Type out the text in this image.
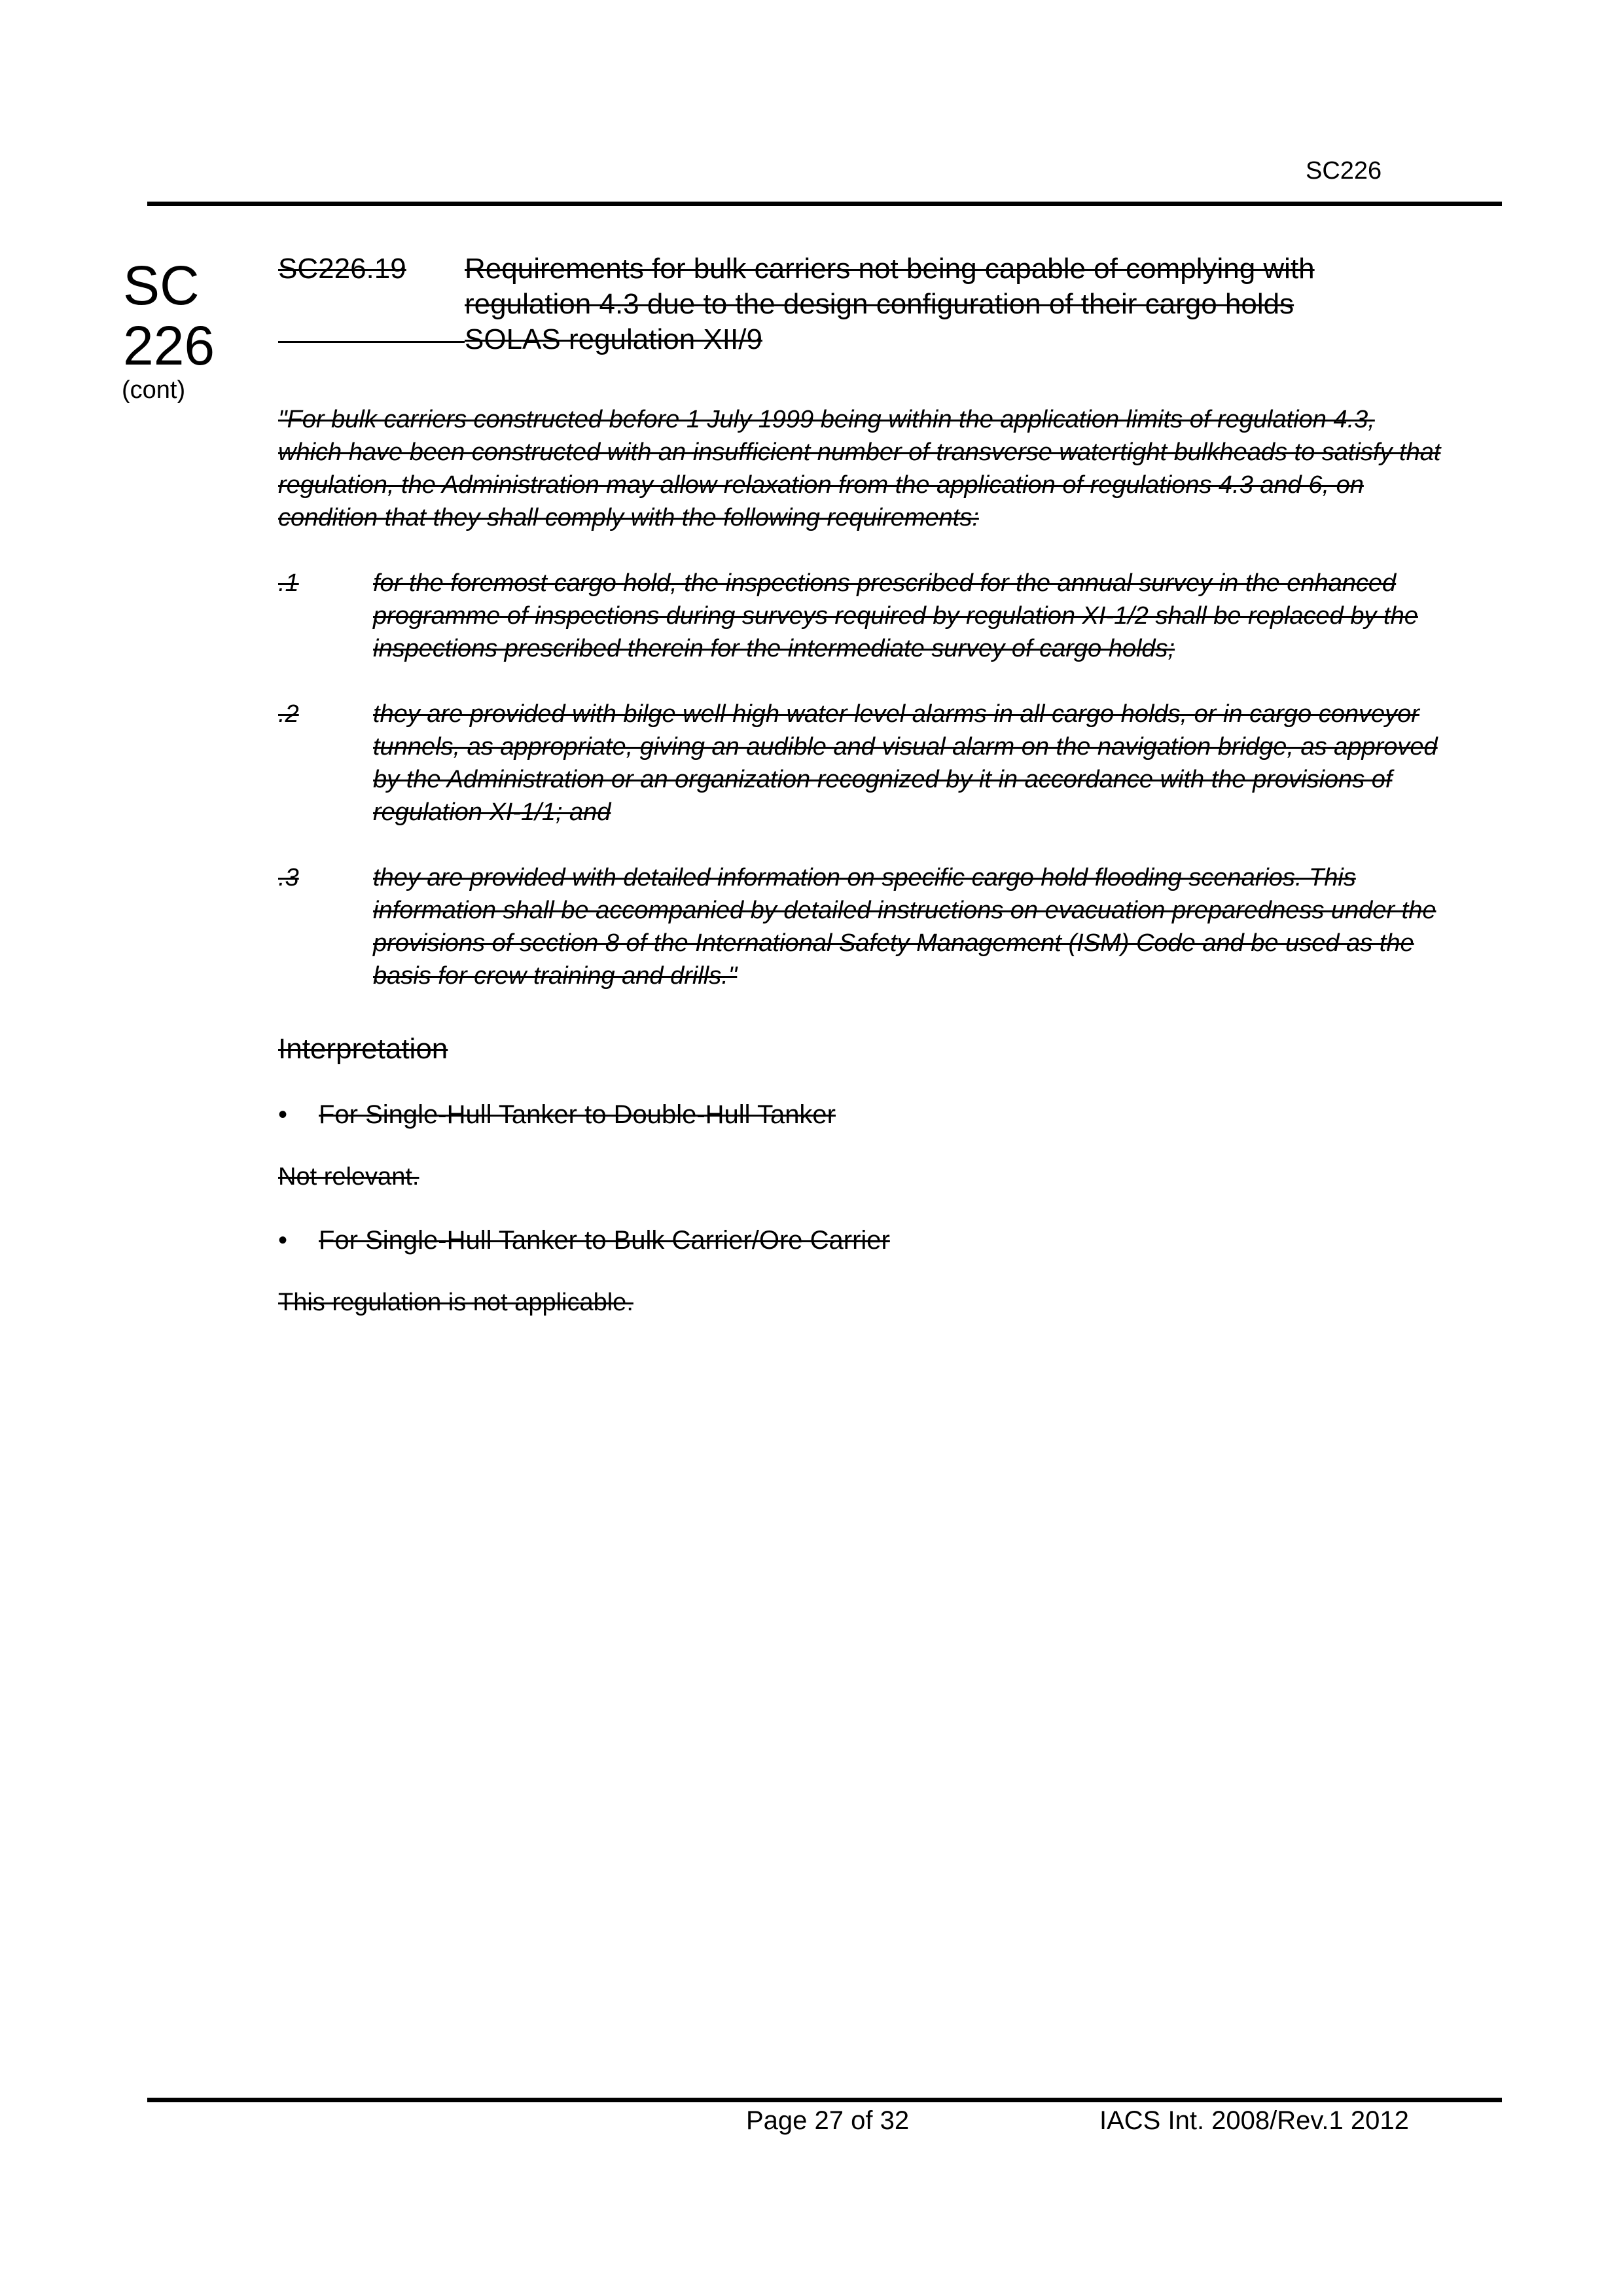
SC226
SC
226
(cont)
SC226.19 Requirements for bulk carriers not being capable of complying with regulation 4.3 due to the design configuration of their cargo holds
SOLAS regulation XII/9
"For bulk carriers constructed before 1 July 1999 being within the application limits of regulation 4.3, which have been constructed with an insufficient number of transverse watertight bulkheads to satisfy that regulation, the Administration may allow relaxation from the application of regulations 4.3 and 6, on condition that they shall comply with the following requirements:
.1	for the foremost cargo hold, the inspections prescribed for the annual survey in the enhanced programme of inspections during surveys required by regulation XI-1/2 shall be replaced by the inspections prescribed therein for the intermediate survey of cargo holds;
.2	they are provided with bilge well high water level alarms in all cargo holds, or in cargo conveyor tunnels, as appropriate, giving an audible and visual alarm on the navigation bridge, as approved by the Administration or an organization recognized by it in accordance with the provisions of regulation XI-1/1; and
.3	they are provided with detailed information on specific cargo hold flooding scenarios. This information shall be accompanied by detailed instructions on evacuation preparedness under the provisions of section 8 of the International Safety Management (ISM) Code and be used as the basis for crew training and drills."
Interpretation
• For Single-Hull Tanker to Double-Hull Tanker
Not relevant.
• For Single-Hull Tanker to Bulk Carrier/Ore Carrier
This regulation is not applicable.
Page 27 of 32	IACS Int. 2008/Rev.1 2012
